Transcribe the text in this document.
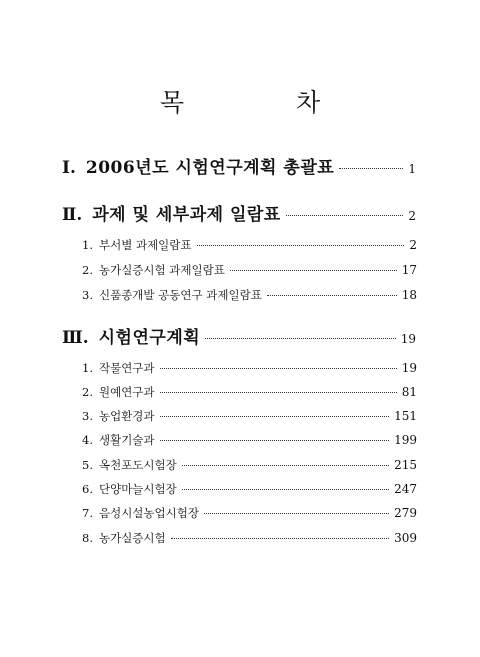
목 차
Ⅰ. 2006년도 시험연구계획 총괄표	1
Ⅱ. 과제 및 세부과제 일람표	2
1. 부서별 과제일람표	2
2. 농가실증시험 과제일람표	17
3. 신품종개발 공동연구 과제일람표	18
Ⅲ. 시험연구계획	19
1. 작물연구과	19
2. 원예연구과	81
3. 농업환경과	151
4. 생활기술과	199
5. 옥천포도시험장	215
6. 단양마늘시험장	247
7. 음성시설농업시험장	279
8. 농가실증시험	309
